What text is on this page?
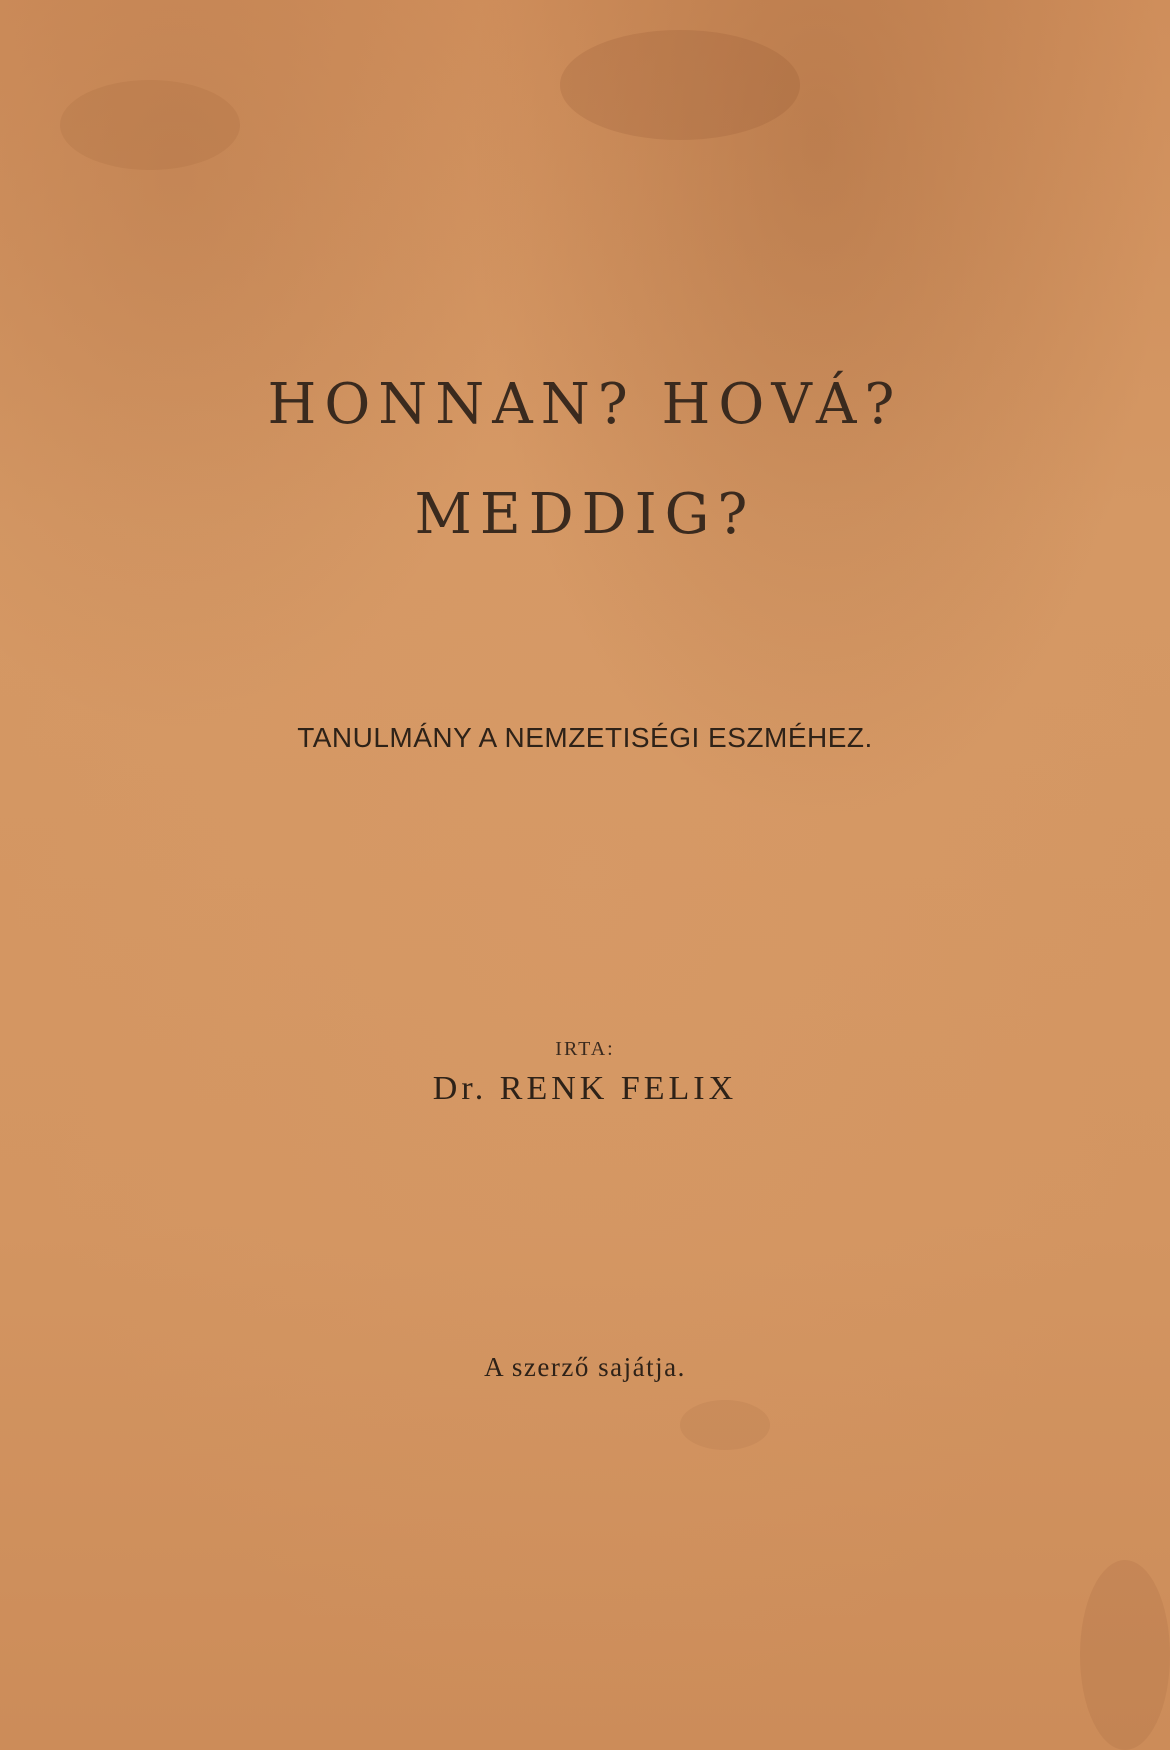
HONNAN? HOVÁ?
MEDDIG?

TANULMÁNY A NEMZETISÉGI ESZMÉHEZ.

IRTA:

Dr. RENK FELIX

A szerző sajátja.
